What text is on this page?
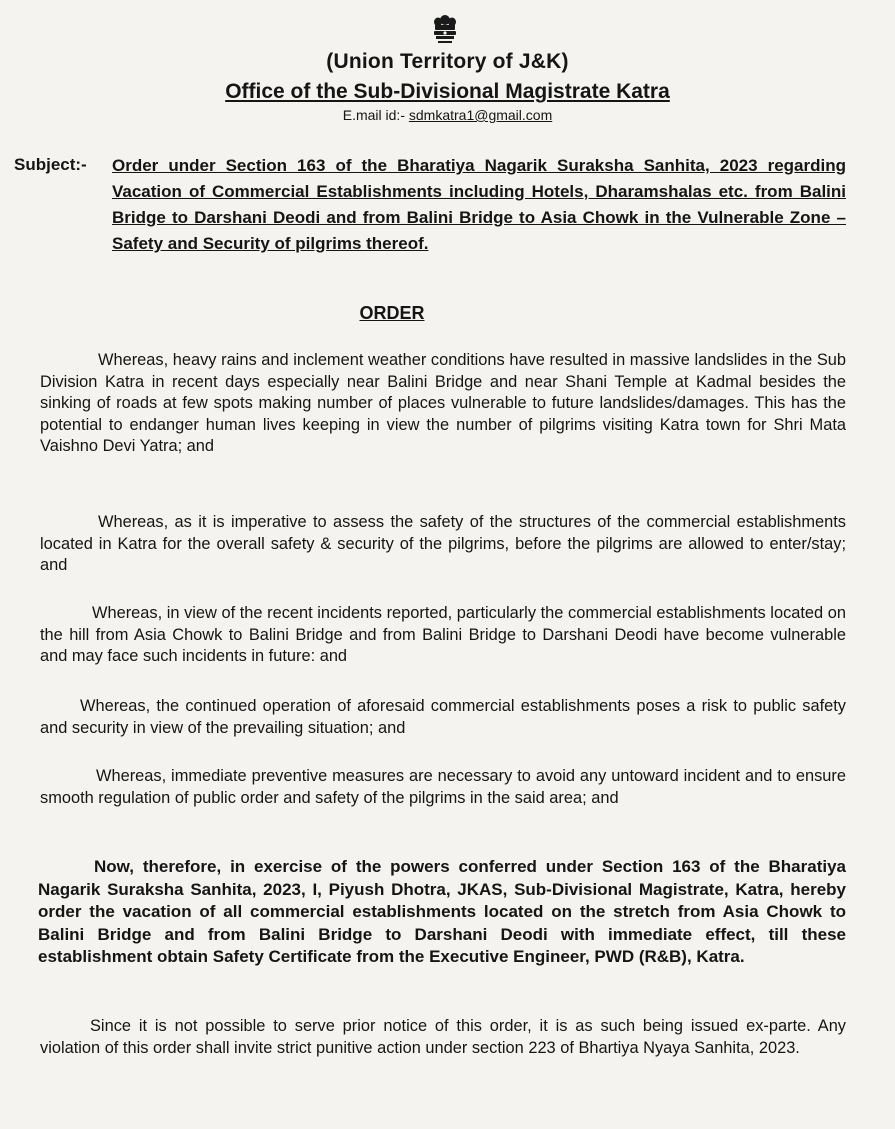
(Union Territory of J&K)
Office of the Sub-Divisional Magistrate Katra
E.mail id:- sdmkatra1@gmail.com
Subject:- Order under Section 163 of the Bharatiya Nagarik Suraksha Sanhita, 2023 regarding Vacation of Commercial Establishments including Hotels, Dharamshalas etc. from Balini Bridge to Darshani Deodi and from Balini Bridge to Asia Chowk in the Vulnerable Zone – Safety and Security of pilgrims thereof.
ORDER
Whereas, heavy rains and inclement weather conditions have resulted in massive landslides in the Sub Division Katra in recent days especially near Balini Bridge and near Shani Temple at Kadmal besides the sinking of roads at few spots making number of places vulnerable to future landslides/damages. This has the potential to endanger human lives keeping in view the number of pilgrims visiting Katra town for Shri Mata Vaishno Devi Yatra; and
Whereas, as it is imperative to assess the safety of the structures of the commercial establishments located in Katra for the overall safety & security of the pilgrims, before the pilgrims are allowed to enter/stay; and
Whereas, in view of the recent incidents reported, particularly the commercial establishments located on the hill from Asia Chowk to Balini Bridge and from Balini Bridge to Darshani Deodi have become vulnerable and may face such incidents in future: and
Whereas, the continued operation of aforesaid commercial establishments poses a risk to public safety and security in view of the prevailing situation; and
Whereas, immediate preventive measures are necessary to avoid any untoward incident and to ensure smooth regulation of public order and safety of the pilgrims in the said area; and
Now, therefore, in exercise of the powers conferred under Section 163 of the Bharatiya Nagarik Suraksha Sanhita, 2023, I, Piyush Dhotra, JKAS, Sub-Divisional Magistrate, Katra, hereby order the vacation of all commercial establishments located on the stretch from Asia Chowk to Balini Bridge and from Balini Bridge to Darshani Deodi with immediate effect, till these establishment obtain Safety Certificate from the Executive Engineer, PWD (R&B), Katra.
Since it is not possible to serve prior notice of this order, it is as such being issued ex-parte. Any violation of this order shall invite strict punitive action under section 223 of Bhartiya Nyaya Sanhita, 2023.
